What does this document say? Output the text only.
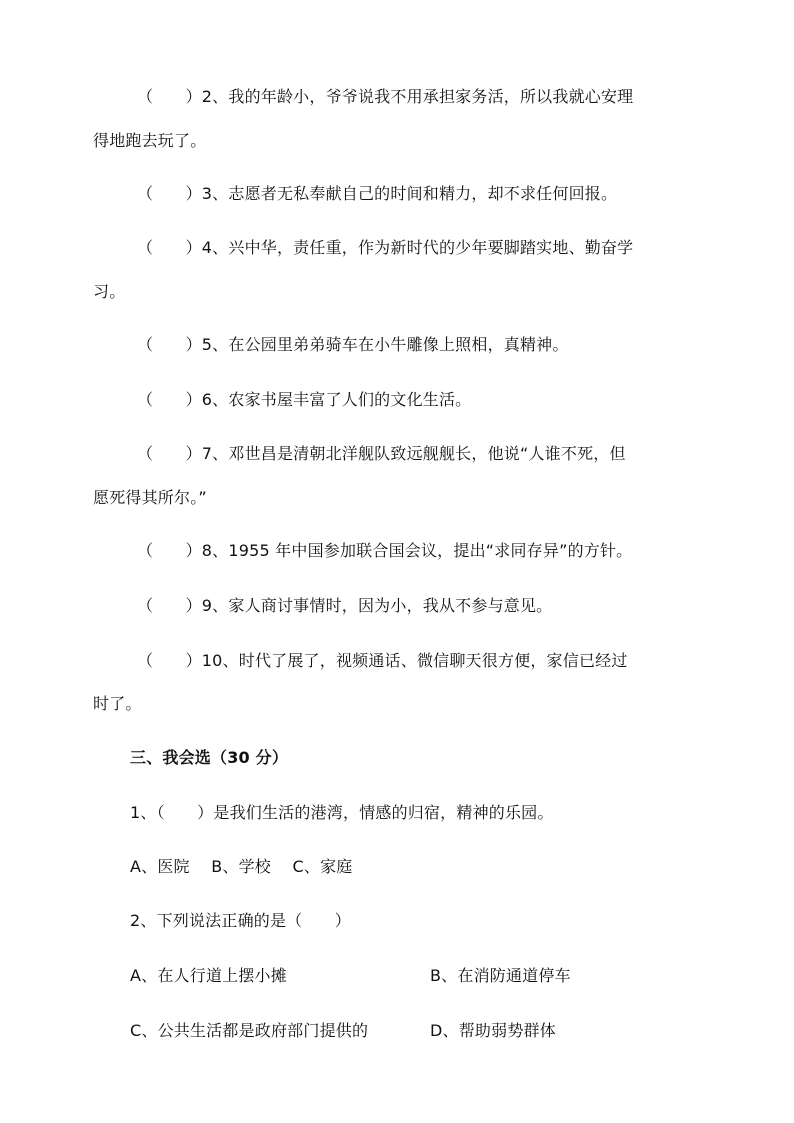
（　　）2、我的年龄小，爷爷说我不用承担家务活，所以我就心安理
得地跑去玩了。
（　　）3、志愿者无私奉献自己的时间和精力，却不求任何回报。
（　　）4、兴中华，责任重，作为新时代的少年要脚踏实地、勤奋学
习。
（　　）5、在公园里弟弟骑车在小牛雕像上照相，真精神。
（　　）6、农家书屋丰富了人们的文化生活。
（　　）7、邓世昌是清朝北洋舰队致远舰舰长，他说“人谁不死，但
愿死得其所尔。”
（　　）8、1955 年中国参加联合国会议，提出“求同存异”的方针。
（　　）9、家人商讨事情时，因为小，我从不参与意见。
（　　）10、时代了展了，视频通话、微信聊天很方便，家信已经过
时了。
三、我会选（30 分）
1、（　　）是我们生活的港湾，情感的归宿，精神的乐园。
A、医院　 B、学校　 C、家庭
2、下列说法正确的是（　　）
A、在人行道上摆小摊	B、在消防通道停车
C、公共生活都是政府部门提供的	D、帮助弱势群体
